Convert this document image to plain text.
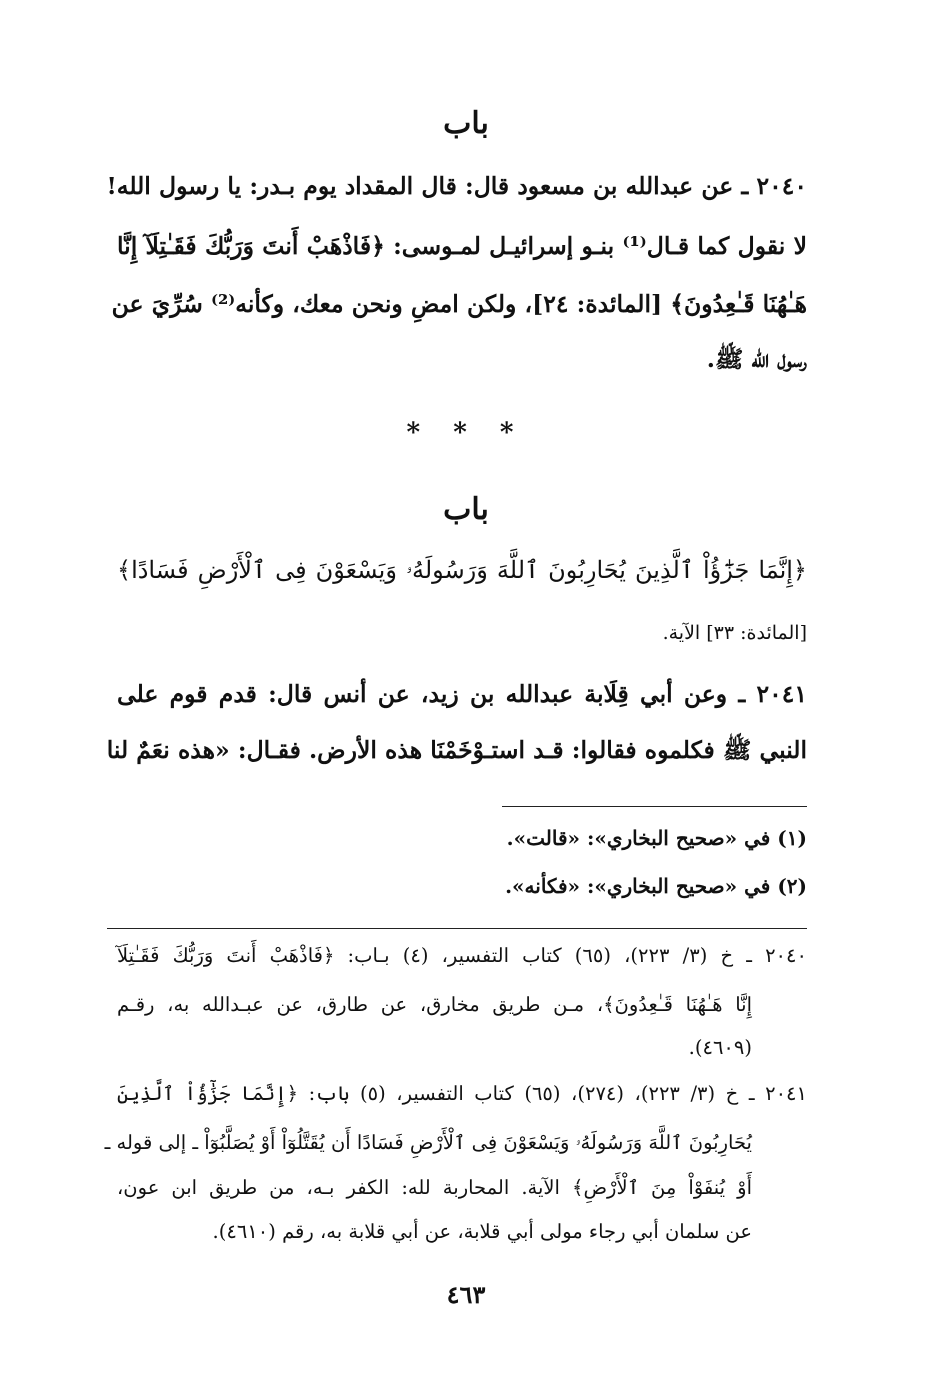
باب
٢٠٤٠ ـ عن عبدالله بن مسعود قال: قال المقداد يوم بـدر: يا رسول الله!
لا نقول كما قـال⁽¹⁾ بنـو إسرائيـل لمـوسى: ﴿فَاذْهَبْ أَنتَ وَرَبُّكَ فَقَـٰتِلَآ إِنَّا
هَـٰهُنَا قَـٰعِدُونَ﴾ [المائدة: ٢٤]، ولكن امضِ ونحن معك، وكأنه⁽²⁾ سُرِّيَ عن
رسول الله ﷺ.
* * *
باب
﴿إِنَّمَا جَزَٰٓؤُاْ ٱلَّذِينَ يُحَارِبُونَ ٱللَّهَ وَرَسُولَهُۥ وَيَسْعَوْنَ فِى ٱلْأَرْضِ فَسَادًا﴾
[المائدة: ٣٣] الآية.
٢٠٤١ ـ وعن أبي قِلَابة عبدالله بن زيد، عن أنس قال: قدم قوم على
النبي ﷺ فكلموه فقالوا: قـد استـوْخَمْنَا هذه الأرض. فقـال: «هذه نعَمٌ لنا
(١) في «صحيح البخاري»: «قالت».
(٢) في «صحيح البخاري»: «فكأنه».
٢٠٤٠ ـ خ (٣/ ٢٢٣)، (٦٥) كتاب التفسير، (٤) بـاب: ﴿فَاذْهَبْ أَنتَ وَرَبُّكَ فَقَـٰتِلَآ
إِنَّا هَـٰهُنَا قَـٰعِدُونَ﴾، مـن طريق مخارق، عن طارق، عن عبـدالله به، رقـم
(٤٦٠٩).
٢٠٤١ ـ خ (٣/ ٢٢٣)، (٢٧٤)، (٦٥) كتاب التفسير، (٥) باب: ﴿إِنَّمَا جَزَٰٓؤُاْ ٱلَّذِينَ
يُحَارِبُونَ ٱللَّهَ وَرَسُولَهُۥ وَيَسْعَوْنَ فِى ٱلْأَرْضِ فَسَادًا أَن يُقَتَّلُوٓاْ أَوْ يُصَلَّبُوٓاْ ـ إلى قوله ـ
أَوْ يُنفَوْاْ مِنَ ٱلْأَرْضِ﴾ الآية. المحاربة لله: الكفر بـه، من طريق ابن عون،
عن سلمان أبي رجاء مولى أبي قلابة، عن أبي قلابة به، رقم (٤٦١٠).
٤٦٣
